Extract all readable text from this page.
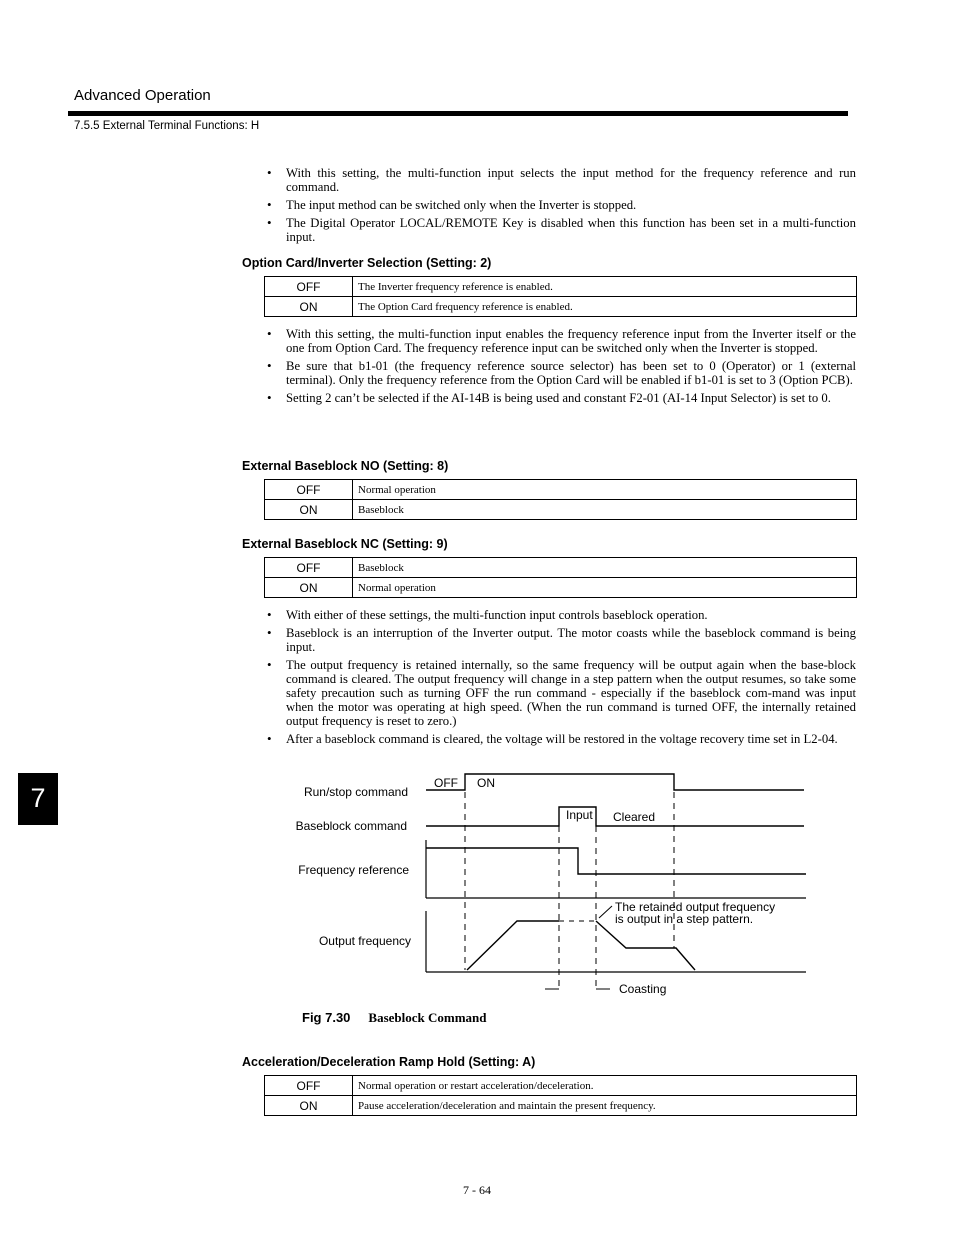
Advanced Operation
7.5.5 External Terminal Functions: H
• With this setting, the multi-function input selects the input method for the frequency reference and run command.
• The input method can be switched only when the Inverter is stopped.
• The Digital Operator LOCAL/REMOTE Key is disabled when this function has been set in a multi-function input.
Option Card/Inverter Selection (Setting: 2)
OFF	The Inverter frequency reference is enabled.
ON	The Option Card frequency reference is enabled.
• With this setting, the multi-function input enables the frequency reference input from the Inverter itself or the one from Option Card. The frequency reference input can be switched only when the Inverter is stopped.
• Be sure that b1-01 (the frequency reference source selector) has been set to 0 (Operator) or 1 (external terminal). Only the frequency reference from the Option Card will be enabled if b1-01 is set to 3 (Option PCB).
• Setting 2 can’t be selected if the AI-14B is being used and constant F2-01 (AI-14 Input Selector) is set to 0.
External Baseblock NO (Setting: 8)
OFF	Normal operation
ON	Baseblock
External Baseblock NC (Setting: 9)
OFF	Baseblock
ON	Normal operation
• With either of these settings, the multi-function input controls baseblock operation.
• Baseblock is an interruption of the Inverter output. The motor coasts while the baseblock command is being input.
• The output frequency is retained internally, so the same frequency will be output again when the base-block command is cleared. The output frequency will change in a step pattern when the output resumes, so take some safety precaution such as turning OFF the run command - especially if the baseblock com-mand was input when the motor was operating at high speed. (When the run command is turned OFF, the internally retained output frequency is reset to zero.)
• After a baseblock command is cleared, the voltage will be restored in the voltage recovery time set in L2-04.
7	Run/stop command
Baseblock command
Frequency reference
Output frequency
OFF ON
Input Cleared
The retained output frequency
is output in a step pattern.
Coasting
Fig 7.30 Baseblock Command
Acceleration/Deceleration Ramp Hold (Setting: A)
OFF	Normal operation or restart acceleration/deceleration.
ON	Pause acceleration/deceleration and maintain the present frequency.
7 - 64
